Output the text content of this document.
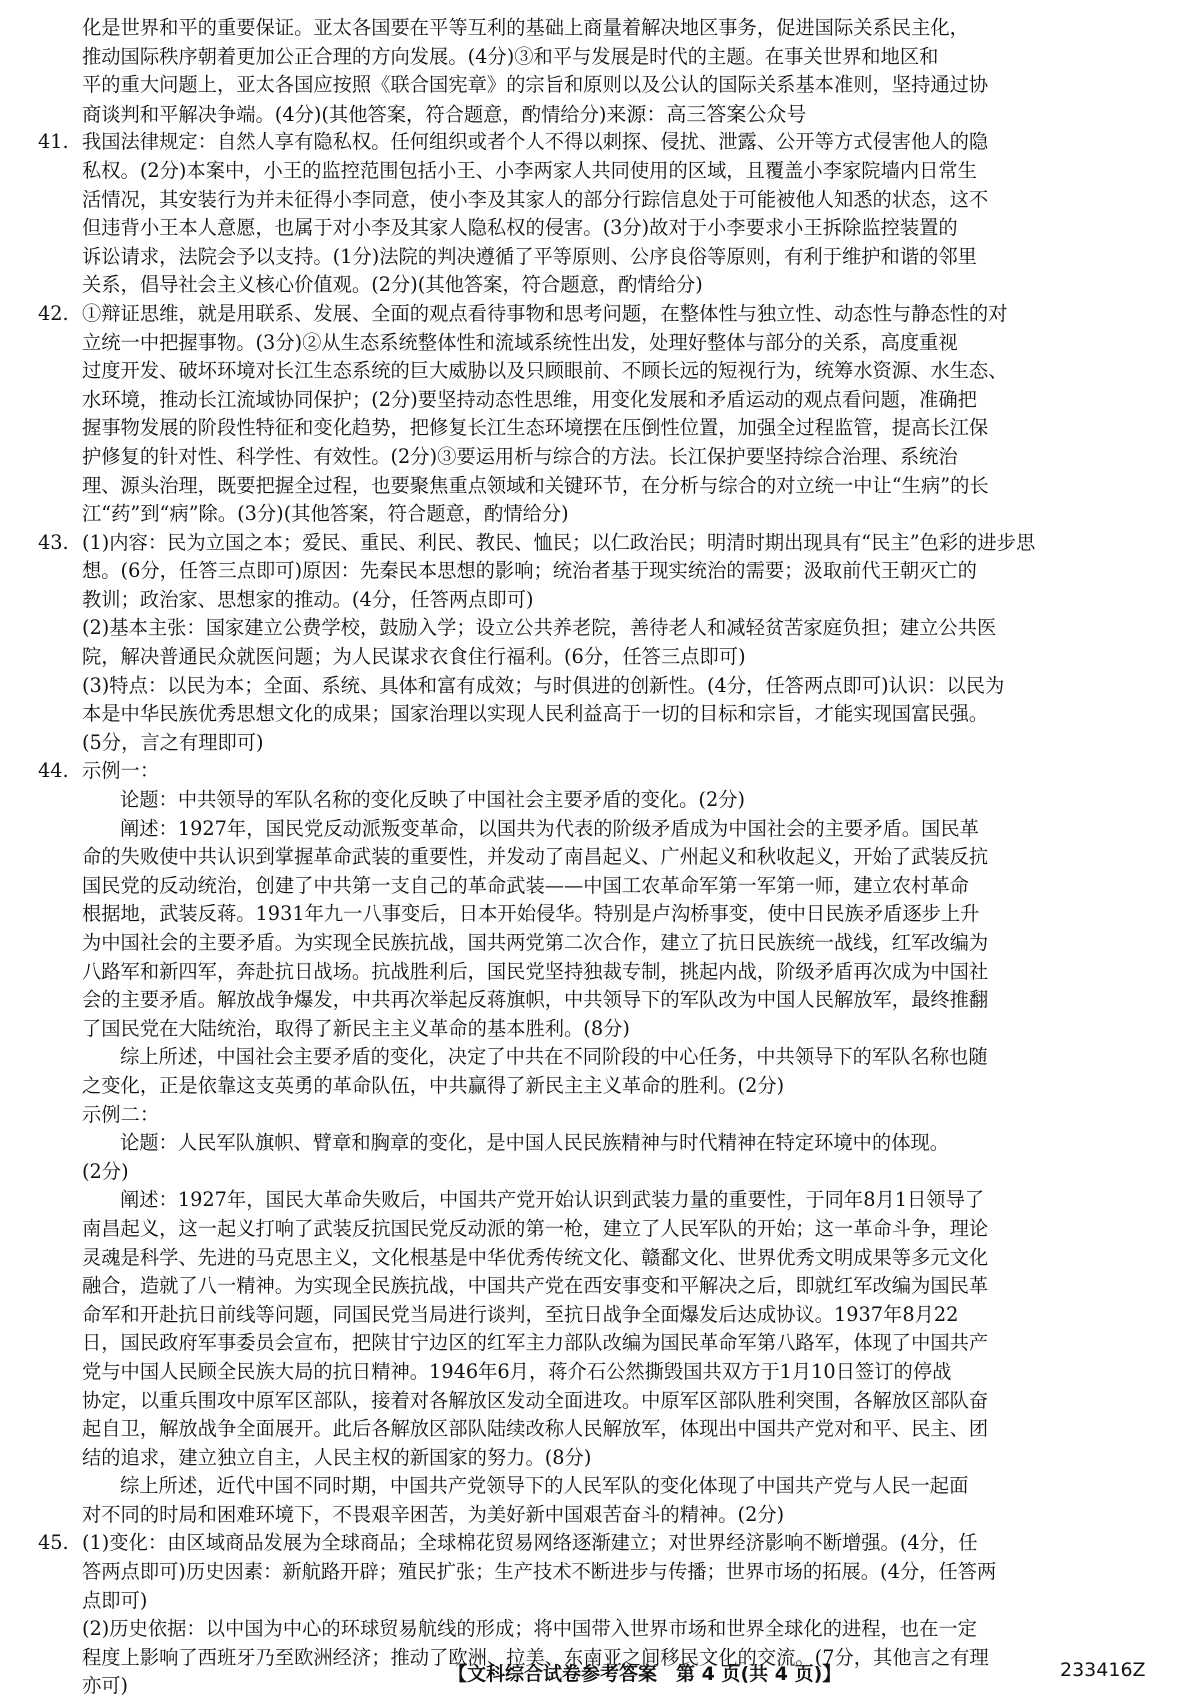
化是世界和平的重要保证。亚太各国要在平等互利的基础上商量着解决地区事务，促进国际关系民主化，
推动国际秩序朝着更加公正合理的方向发展。(4分)③和平与发展是时代的主题。在事关世界和地区和
平的重大问题上，亚太各国应按照《联合国宪章》的宗旨和原则以及公认的国际关系基本准则，坚持通过协
商谈判和平解决争端。(4分)(其他答案，符合题意，酌情给分)来源：高三答案公众号
41. 我国法律规定：自然人享有隐私权。任何组织或者个人不得以刺探、侵扰、泄露、公开等方式侵害他人的隐
私权。(2分)本案中，小王的监控范围包括小王、小李两家人共同使用的区域，且覆盖小李家院墙内日常生
活情况，其安装行为并未征得小李同意，使小李及其家人的部分行踪信息处于可能被他人知悉的状态，这不
但违背小王本人意愿，也属于对小李及其家人隐私权的侵害。(3分)故对于小李要求小王拆除监控装置的
诉讼请求，法院会予以支持。(1分)法院的判决遵循了平等原则、公序良俗等原则，有利于维护和谐的邻里
关系，倡导社会主义核心价值观。(2分)(其他答案，符合题意，酌情给分)
42. ①辩证思维，就是用联系、发展、全面的观点看待事物和思考问题，在整体性与独立性、动态性与静态性的对
立统一中把握事物。(3分)②从生态系统整体性和流域系统性出发，处理好整体与部分的关系，高度重视
过度开发、破坏环境对长江生态系统的巨大威胁以及只顾眼前、不顾长远的短视行为，统筹水资源、水生态、
水环境，推动长江流域协同保护；(2分)要坚持动态性思维，用变化发展和矛盾运动的观点看问题，准确把
握事物发展的阶段性特征和变化趋势，把修复长江生态环境摆在压倒性位置，加强全过程监管，提高长江保
护修复的针对性、科学性、有效性。(2分)③要运用析与综合的方法。长江保护要坚持综合治理、系统治
理、源头治理，既要把握全过程，也要聚焦重点领域和关键环节，在分析与综合的对立统一中让“生病”的长
江“药”到“病”除。(3分)(其他答案，符合题意，酌情给分)
43. (1)内容：民为立国之本；爱民、重民、利民、教民、恤民；以仁政治民；明清时期出现具有“民主”色彩的进步思
想。(6分，任答三点即可)原因：先秦民本思想的影响；统治者基于现实统治的需要；汲取前代王朝灭亡的
教训；政治家、思想家的推动。(4分，任答两点即可)
(2)基本主张：国家建立公费学校，鼓励入学；设立公共养老院，善待老人和减轻贫苦家庭负担；建立公共医
院，解决普通民众就医问题；为人民谋求衣食住行福利。(6分，任答三点即可)
(3)特点：以民为本；全面、系统、具体和富有成效；与时俱进的创新性。(4分，任答两点即可)认识：以民为
本是中华民族优秀思想文化的成果；国家治理以实现人民利益高于一切的目标和宗旨，才能实现国富民强。
(5分，言之有理即可)
44. 示例一：
论题：中共领导的军队名称的变化反映了中国社会主要矛盾的变化。(2分)
阐述：1927年，国民党反动派叛变革命，以国共为代表的阶级矛盾成为中国社会的主要矛盾。国民革
命的失败使中共认识到掌握革命武装的重要性，并发动了南昌起义、广州起义和秋收起义，开始了武装反抗
国民党的反动统治，创建了中共第一支自己的革命武装——中国工农革命军第一军第一师，建立农村革命
根据地，武装反蒋。1931年九一八事变后，日本开始侵华。特别是卢沟桥事变，使中日民族矛盾逐步上升
为中国社会的主要矛盾。为实现全民族抗战，国共两党第二次合作，建立了抗日民族统一战线，红军改编为
八路军和新四军，奔赴抗日战场。抗战胜利后，国民党坚持独裁专制，挑起内战，阶级矛盾再次成为中国社
会的主要矛盾。解放战争爆发，中共再次举起反蒋旗帜，中共领导下的军队改为中国人民解放军，最终推翻
了国民党在大陆统治，取得了新民主主义革命的基本胜利。(8分)
综上所述，中国社会主要矛盾的变化，决定了中共在不同阶段的中心任务，中共领导下的军队名称也随
之变化，正是依靠这支英勇的革命队伍，中共赢得了新民主主义革命的胜利。(2分)
示例二：
论题：人民军队旗帜、臂章和胸章的变化，是中国人民民族精神与时代精神在特定环境中的体现。
(2分)
阐述：1927年，国民大革命失败后，中国共产党开始认识到武装力量的重要性，于同年8月1日领导了
南昌起义，这一起义打响了武装反抗国民党反动派的第一枪，建立了人民军队的开始；这一革命斗争，理论
灵魂是科学、先进的马克思主义，文化根基是中华优秀传统文化、赣鄱文化、世界优秀文明成果等多元文化
融合，造就了八一精神。为实现全民族抗战，中国共产党在西安事变和平解决之后，即就红军改编为国民革
命军和开赴抗日前线等问题，同国民党当局进行谈判，至抗日战争全面爆发后达成协议。1937年8月22
日，国民政府军事委员会宣布，把陕甘宁边区的红军主力部队改编为国民革命军第八路军，体现了中国共产
党与中国人民顾全民族大局的抗日精神。1946年6月，蒋介石公然撕毁国共双方于1月10日签订的停战
协定，以重兵围攻中原军区部队，接着对各解放区发动全面进攻。中原军区部队胜利突围，各解放区部队奋
起自卫，解放战争全面展开。此后各解放区部队陆续改称人民解放军，体现出中国共产党对和平、民主、团
结的追求，建立独立自主，人民主权的新国家的努力。(8分)
综上所述，近代中国不同时期，中国共产党领导下的人民军队的变化体现了中国共产党与人民一起面
对不同的时局和困难环境下，不畏艰辛困苦，为美好新中国艰苦奋斗的精神。(2分)
45. (1)变化：由区域商品发展为全球商品；全球棉花贸易网络逐渐建立；对世界经济影响不断增强。(4分，任
答两点即可)历史因素：新航路开辟；殖民扩张；生产技术不断进步与传播；世界市场的拓展。(4分，任答两
点即可)
(2)历史依据：以中国为中心的环球贸易航线的形成；将中国带入世界市场和世界全球化的进程，也在一定
程度上影响了西班牙乃至欧洲经济；推动了欧洲、拉美、东南亚之间移民文化的交流。(7分，其他言之有理
亦可)
【文科综合试卷参考答案　第 4 页(共 4 页)】	233416Z
